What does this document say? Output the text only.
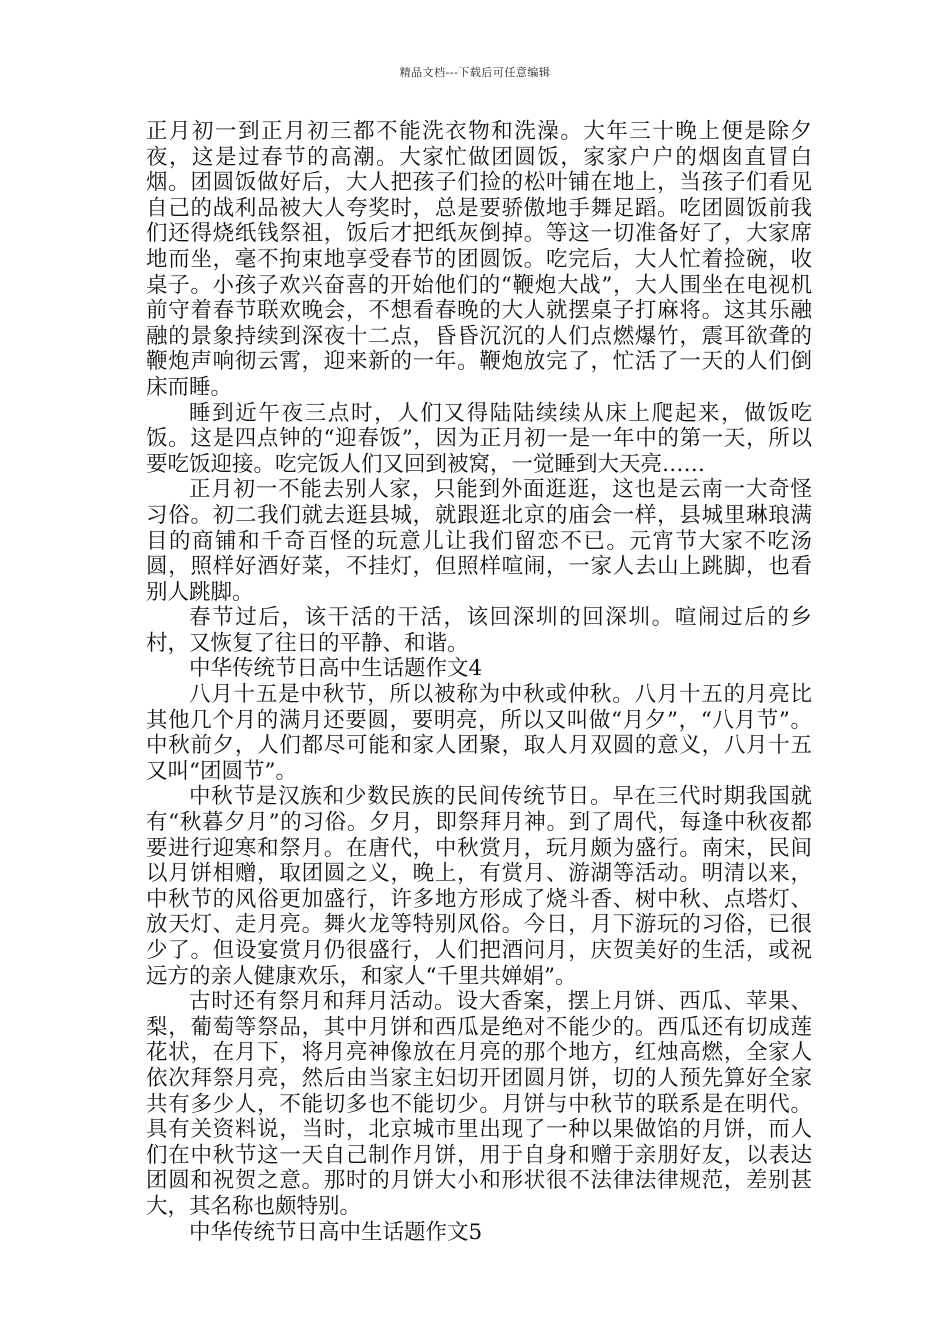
精品文档---下载后可任意编辑

正月初一到正月初三都不能洗衣物和洗澡。大年三十晚上便是除夕夜，这是过春节的高潮。大家忙做团圆饭，家家户户的烟囱直冒白烟。团圆饭做好后，大人把孩子们捡的松叶铺在地上，当孩子们看见自己的战利品被大人夸奖时，总是要骄傲地手舞足蹈。吃团圆饭前我们还得烧纸钱祭祖，饭后才把纸灰倒掉。等这一切准备好了，大家席地而坐，毫不拘束地享受春节的团圆饭。吃完后，大人忙着捡碗，收桌子。小孩子欢兴奋喜的开始他们的“鞭炮大战”，大人围坐在电视机前守着春节联欢晚会，不想看春晚的大人就摆桌子打麻将。这其乐融融的景象持续到深夜十二点，昏昏沉沉的人们点燃爆竹，震耳欲聋的鞭炮声响彻云霄，迎来新的一年。鞭炮放完了，忙活了一天的人们倒床而睡。

睡到近午夜三点时，人们又得陆陆续续从床上爬起来，做饭吃饭。这是四点钟的“迎春饭”，因为正月初一是一年中的第一天，所以要吃饭迎接。吃完饭人们又回到被窝，一觉睡到大天亮……

正月初一不能去别人家，只能到外面逛逛，这也是云南一大奇怪习俗。初二我们就去逛县城，就跟逛北京的庙会一样，县城里琳琅满目的商铺和千奇百怪的玩意儿让我们留恋不已。元宵节大家不吃汤圆，照样好酒好菜，不挂灯，但照样喧闹，一家人去山上跳脚，也看别人跳脚。

春节过后，该干活的干活，该回深圳的回深圳。喧闹过后的乡村，又恢复了往日的平静、和谐。

中华传统节日高中生话题作文4

八月十五是中秋节，所以被称为中秋或仲秋。八月十五的月亮比其他几个月的满月还要圆，要明亮，所以又叫做“月夕”，“八月节”。中秋前夕，人们都尽可能和家人团聚，取人月双圆的意义，八月十五又叫“团圆节”。

中秋节是汉族和少数民族的民间传统节日。早在三代时期我国就有“秋暮夕月”的习俗。夕月，即祭拜月神。到了周代，每逢中秋夜都要进行迎寒和祭月。在唐代，中秋赏月，玩月颇为盛行。南宋，民间以月饼相赠，取团圆之义，晚上，有赏月、游湖等活动。明清以来，中秋节的风俗更加盛行，许多地方形成了烧斗香、树中秋、点塔灯、放天灯、走月亮。舞火龙等特别风俗。今日，月下游玩的习俗，已很少了。但设宴赏月仍很盛行，人们把酒问月，庆贺美好的生活，或祝远方的亲人健康欢乐，和家人“千里共婵娟”。

古时还有祭月和拜月活动。设大香案，摆上月饼、西瓜、苹果、梨，葡萄等祭品，其中月饼和西瓜是绝对不能少的。西瓜还有切成莲花状，在月下，将月亮神像放在月亮的那个地方，红烛高燃，全家人依次拜祭月亮，然后由当家主妇切开团圆月饼，切的人预先算好全家共有多少人，不能切多也不能切少。月饼与中秋节的联系是在明代。具有关资料说，当时，北京城市里出现了一种以果做馅的月饼，而人们在中秋节这一天自己制作月饼，用于自身和赠于亲朋好友，以表达团圆和祝贺之意。那时的月饼大小和形状很不法律法律规范，差别甚大，其名称也颇特别。

中华传统节日高中生话题作文5
